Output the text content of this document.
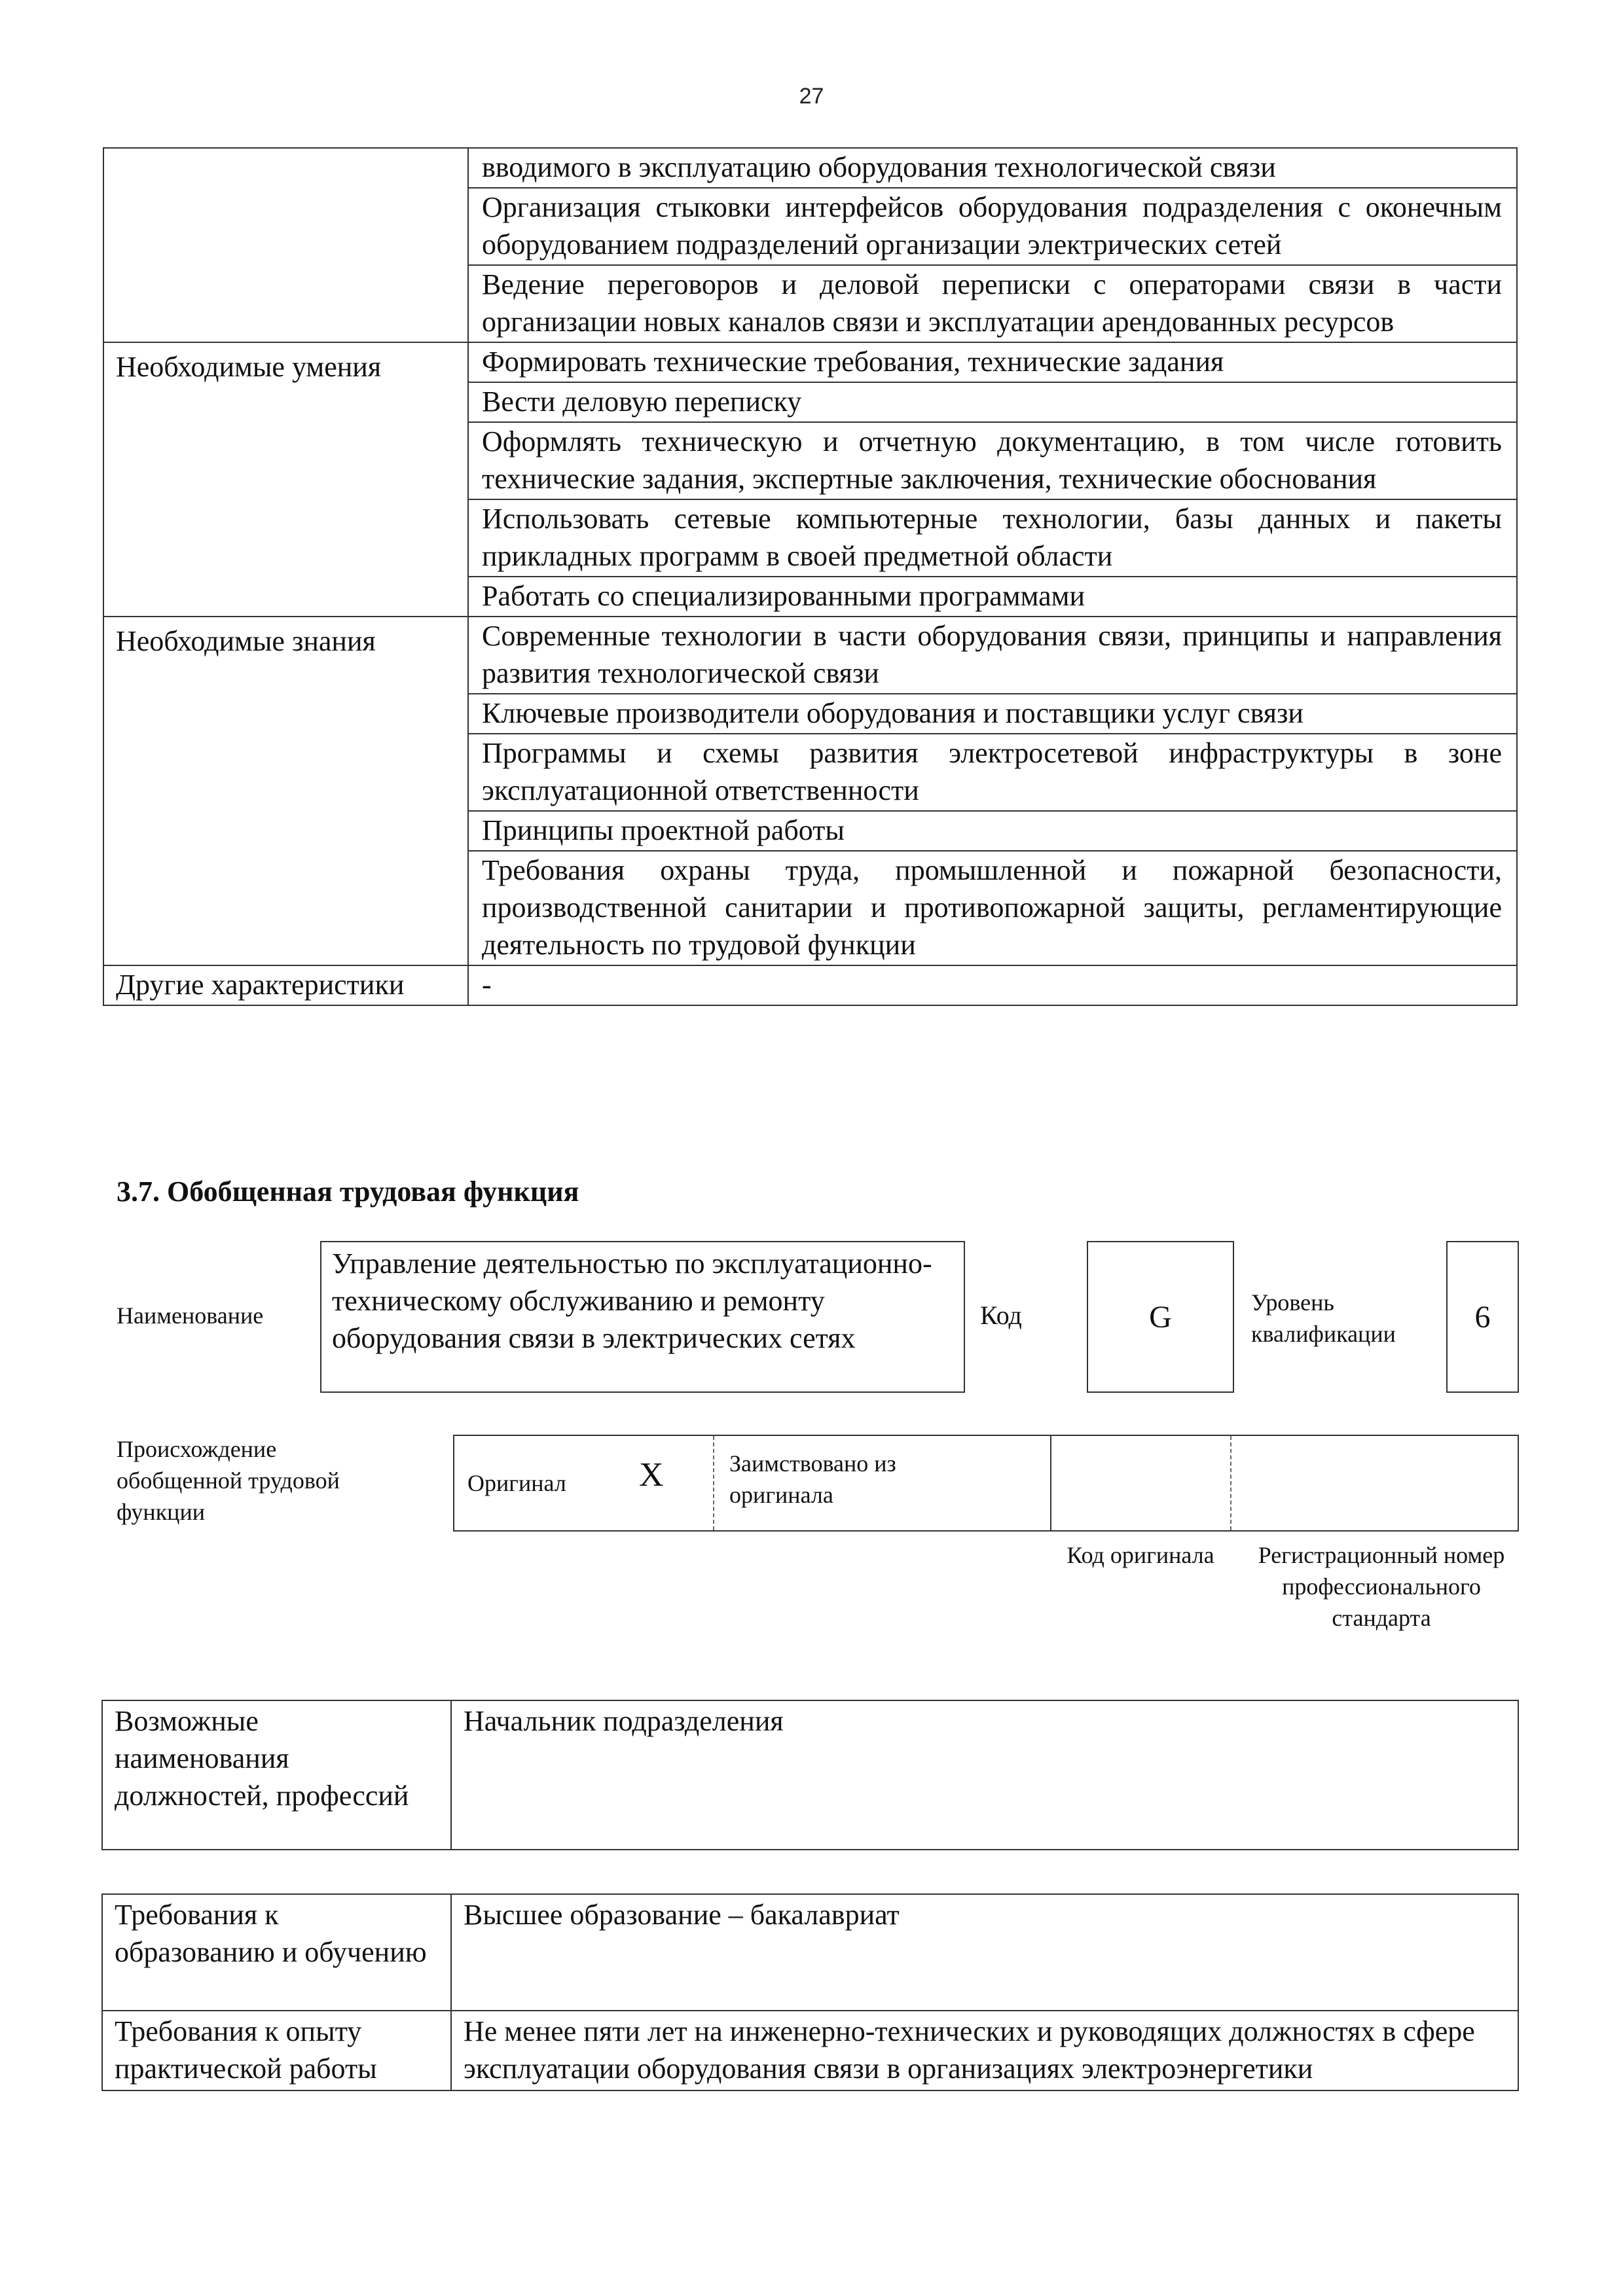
27
	вводимого в эксплуатацию оборудования технологической связи
	Организация стыковки интерфейсов оборудования подразделения с оконечным оборудованием подразделений организации электрических сетей
	Ведение переговоров и деловой переписки с операторами связи в части организации новых каналов связи и эксплуатации арендованных ресурсов
Необходимые умения	Формировать технические требования, технические задания
	Вести деловую переписку
	Оформлять техническую и отчетную документацию, в том числе готовить технические задания, экспертные заключения, технические обоснования
	Использовать сетевые компьютерные технологии, базы данных и пакеты прикладных программ в своей предметной области
	Работать со специализированными программами
Необходимые знания	Современные технологии в части оборудования связи, принципы и направления развития технологической связи
	Ключевые производители оборудования и поставщики услуг связи
	Программы и схемы развития электросетевой инфраструктуры в зоне эксплуатационной ответственности
	Принципы проектной работы
	Требования охраны труда, промышленной и пожарной безопасности, производственной санитарии и противопожарной защиты, регламентирующие деятельность по трудовой функции
Другие характеристики	-
3.7. Обобщенная трудовая функция
Наименование
Управление деятельностью по эксплуатационно-техническому обслуживанию и ремонту оборудования связи в электрических сетях
Код	G	Уровень квалификации	6
Происхождение обобщенной трудовой функции
Оригинал X	Заимствовано из оригинала
Код оригинала	Регистрационный номер профессионального стандарта
Возможные наименования должностей, профессий	Начальник подразделения
Требования к образованию и обучению	Высшее образование – бакалавриат
Требования к опыту практической работы	Не менее пяти лет на инженерно-технических и руководящих должностях в сфере эксплуатации оборудования связи в организациях электроэнергетики
